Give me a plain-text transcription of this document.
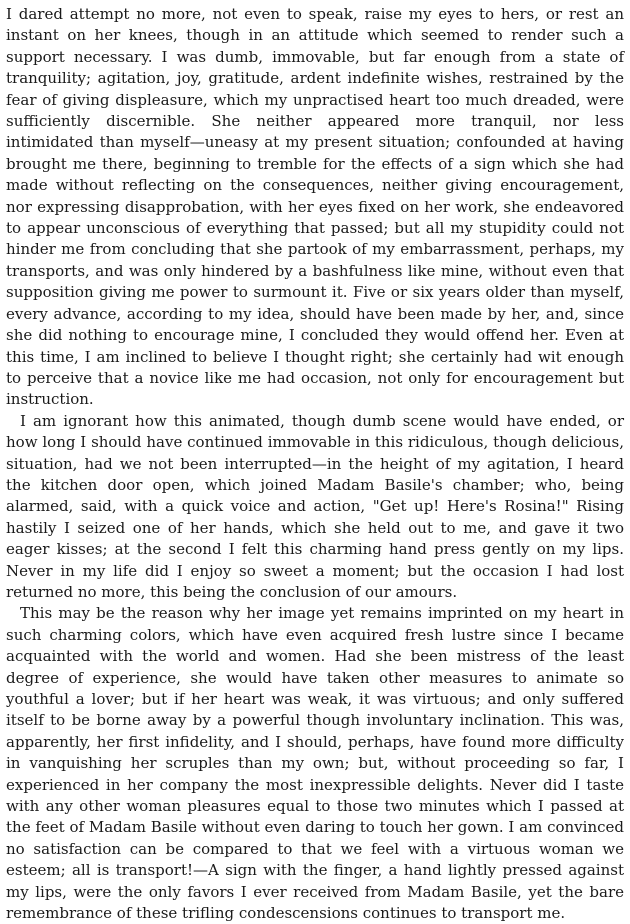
I dared attempt no more, not even to speak, raise my eyes to hers, or rest an instant on her knees, though in an attitude which seemed to render such a support necessary. I was dumb, immovable, but far enough from a state of tranquility; agitation, joy, gratitude, ardent indefinite wishes, restrained by the fear of giving displeasure, which my unpractised heart too much dreaded, were sufficiently discernible. She neither appeared more tranquil, nor less intimidated than myself—uneasy at my present situation; confounded at having brought me there, beginning to tremble for the effects of a sign which she had made without reflecting on the consequences, neither giving encouragement, nor expressing disapprobation, with her eyes fixed on her work, she endeavored to appear unconscious of everything that passed; but all my stupidity could not hinder me from concluding that she partook of my embarrassment, perhaps, my transports, and was only hindered by a bashfulness like mine, without even that supposition giving me power to surmount it. Five or six years older than myself, every advance, according to my idea, should have been made by her, and, since she did nothing to encourage mine, I concluded they would offend her. Even at this time, I am inclined to believe I thought right; she certainly had wit enough to perceive that a novice like me had occasion, not only for encouragement but instruction.

I am ignorant how this animated, though dumb scene would have ended, or how long I should have continued immovable in this ridiculous, though delicious, situation, had we not been interrupted—in the height of my agitation, I heard the kitchen door open, which joined Madam Basile's chamber; who, being alarmed, said, with a quick voice and action, "Get up! Here's Rosina!" Rising hastily I seized one of her hands, which she held out to me, and gave it two eager kisses; at the second I felt this charming hand press gently on my lips. Never in my life did I enjoy so sweet a moment; but the occasion I had lost returned no more, this being the conclusion of our amours.

This may be the reason why her image yet remains imprinted on my heart in such charming colors, which have even acquired fresh lustre since I became acquainted with the world and women. Had she been mistress of the least degree of experience, she would have taken other measures to animate so youthful a lover; but if her heart was weak, it was virtuous; and only suffered itself to be borne away by a powerful though involuntary inclination. This was, apparently, her first infidelity, and I should, perhaps, have found more difficulty in vanquishing her scruples than my own; but, without proceeding so far, I experienced in her company the most inexpressible delights. Never did I taste with any other woman pleasures equal to those two minutes which I passed at the feet of Madam Basile without even daring to touch her gown. I am convinced no satisfaction can be compared to that we feel with a virtuous woman we esteem; all is transport!—A sign with the finger, a hand lightly pressed against my lips, were the only favors I ever received from Madam Basile, yet the bare remembrance of these trifling condescensions continues to transport me.
